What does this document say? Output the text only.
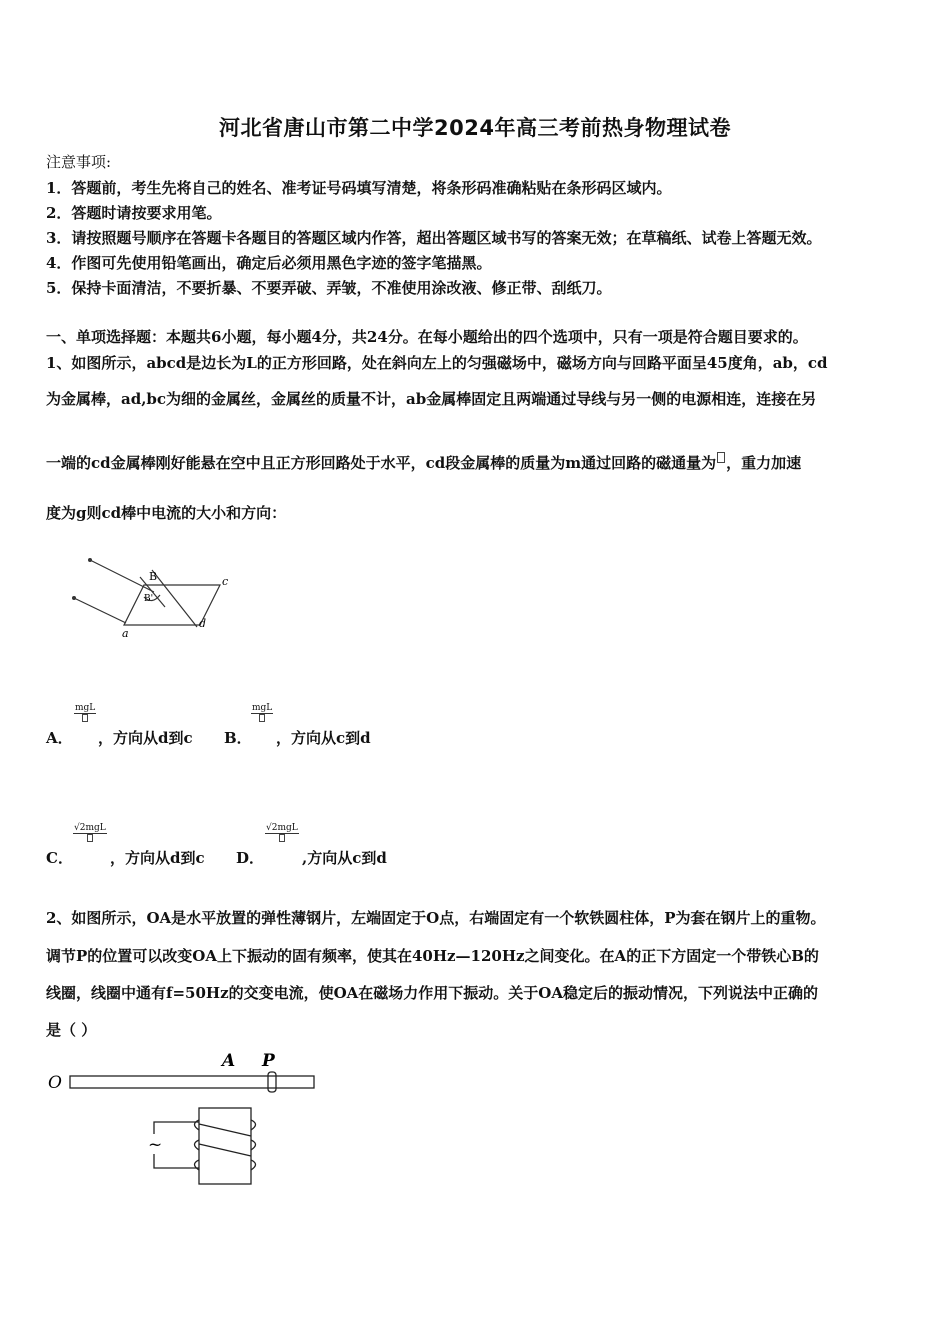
河北省唐山市第二中学2024年高三考前热身物理试卷
注意事项:
1．答题前，考生先将自己的姓名、准考证号码填写清楚，将条形码准确粘贴在条形码区域内。
2．答题时请按要求用笔。
3．请按照题号顺序在答题卡各题目的答题区域内作答，超出答题区域书写的答案无效；在草稿纸、试卷上答题无效。
4．作图可先使用铅笔画出，确定后必须用黑色字迹的签字笔描黑。
5．保持卡面清洁，不要折暴、不要弄破、弄皱，不准使用涂改液、修正带、刮纸刀。
一、单项选择题：本题共6小题，每小题4分，共24分。在每小题给出的四个选项中，只有一项是符合题目要求的。
1、如图所示，abcd是边长为L的正方形回路，处在斜向左上的匀强磁场中，磁场方向与回路平面呈45度角，ab，cd
为金属棒，ad,bc为细的金属丝，金属丝的质量不计，ab金属棒固定且两端通过导线与另一侧的电源相连，连接在另
一端的cd金属棒刚好能悬在空中且正方形回路处于水平，cd段金属棒的质量为m通过回路的磁通量为 ，重力加速
度为g则cd棒中电流的大小和方向：
B	c
a
d
B'
A．
mgL
，方向从d到c B．
mgL
，方向从c到d
C．
√2mgL
，方向从d到c D．
√2mgL
,方向从c到d
2、如图所示，OA是水平放置的弹性薄钢片，左端固定于O点，右端固定有一个软铁圆柱体，P为套在钢片上的重物。
调节P的位置可以改变OA上下振动的固有频率，使其在40Hz—120Hz之间变化。在A的正下方固定一个带铁心B的
线圈，线圈中通有f=50Hz的交变电流，使OA在磁场力作用下振动。关于OA稳定后的振动情况，下列说法中正确的
是（ ）
O
A P
~
